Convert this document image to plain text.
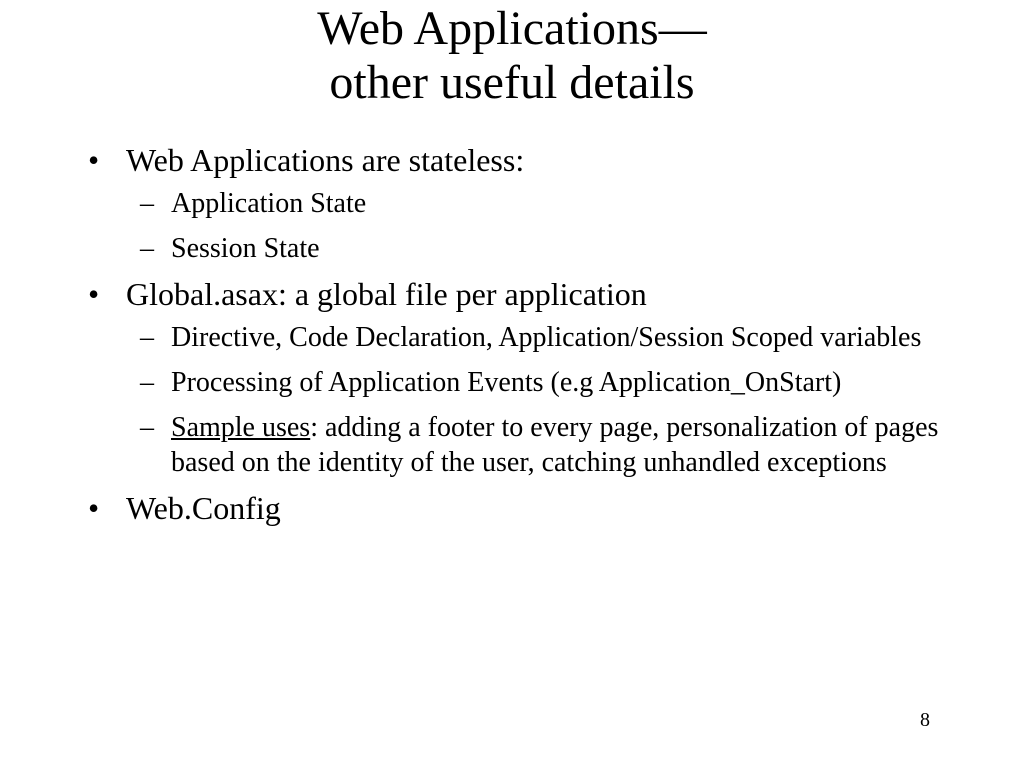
Web Applications—
other useful details
• Web Applications are stateless:
– Application State
– Session State
• Global.asax: a global file per application
– Directive, Code Declaration, Application/Session Scoped variables
– Processing of Application Events (e.g Application_OnStart)
– Sample uses: adding a footer to every page, personalization of pages based on the identity of the user, catching unhandled exceptions
• Web.Config
8
